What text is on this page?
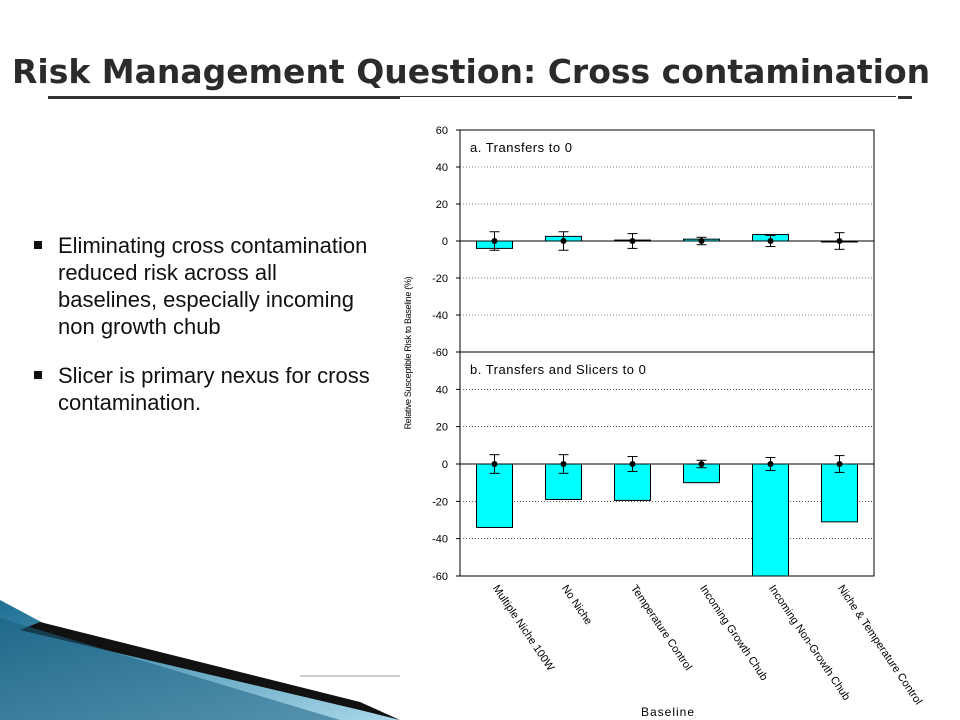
Risk Management Question: Cross contamination
Eliminating cross contamination reduced risk across all baselines, especially incoming non growth chub
Slicer is primary nexus for cross contamination.
60
40
20
0
-20
-40
-60
a. Transfers to 0
40
20
0
-20
-40
-60
b. Transfers and Slicers to 0
Multiple Niche 100W No Niche	Temperature Control Incoming Growth Chub
Incoming Non-Growth Chub
Niche & Temperature Control
Relative Susceptible Risk to Baseline (%)
Baseline
